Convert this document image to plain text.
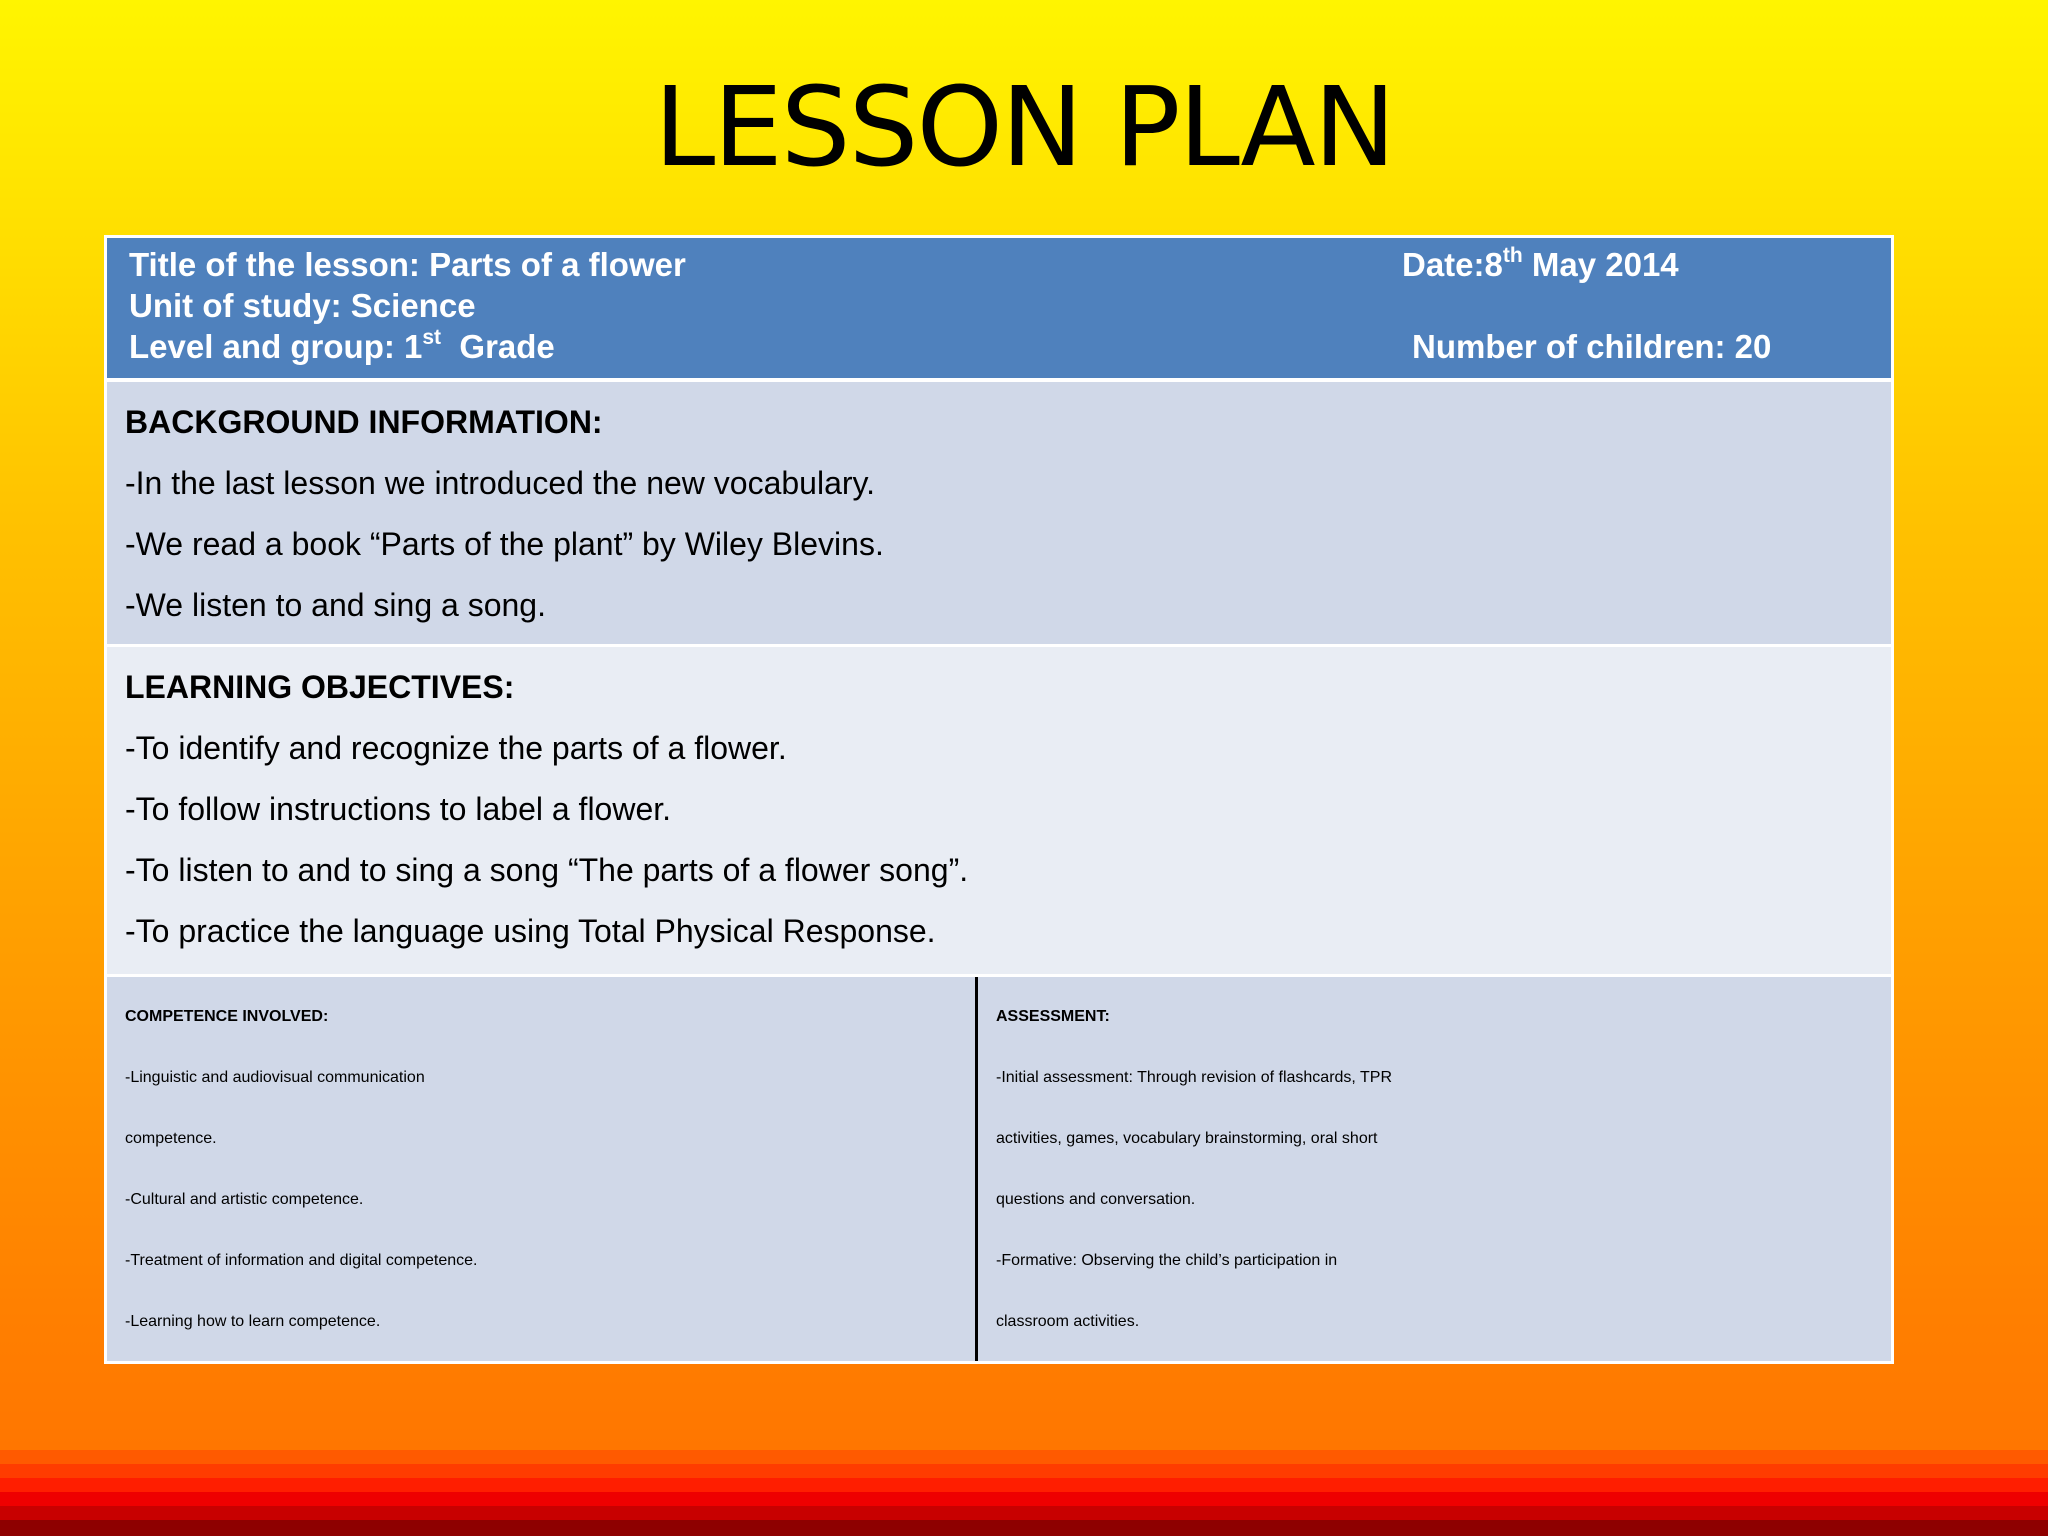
LESSON PLAN
Title of the lesson: Parts of a flower
Unit of study: Science
Level and group: 1st  Grade
Date:8th May 2014
Number of children: 20
BACKGROUND INFORMATION:
-In the last lesson we introduced the new vocabulary.
-We read a book “Parts of the plant” by Wiley Blevins.
-We listen to and sing a song.
LEARNING OBJECTIVES:
-To identify and recognize the parts of a flower.
-To follow instructions to label a flower.
-To listen to and to sing a song “The parts of a flower song”.
-To practice the language using Total Physical Response.
COMPETENCE INVOLVED:
-Linguistic and audiovisual communication
competence.
-Cultural and artistic competence.
-Treatment of information and digital competence.
-Learning how to learn competence.
ASSESSMENT:
-Initial assessment: Through revision of flashcards, TPR
activities, games, vocabulary brainstorming, oral short
questions and conversation.
-Formative: Observing the child’s participation in
classroom activities.
